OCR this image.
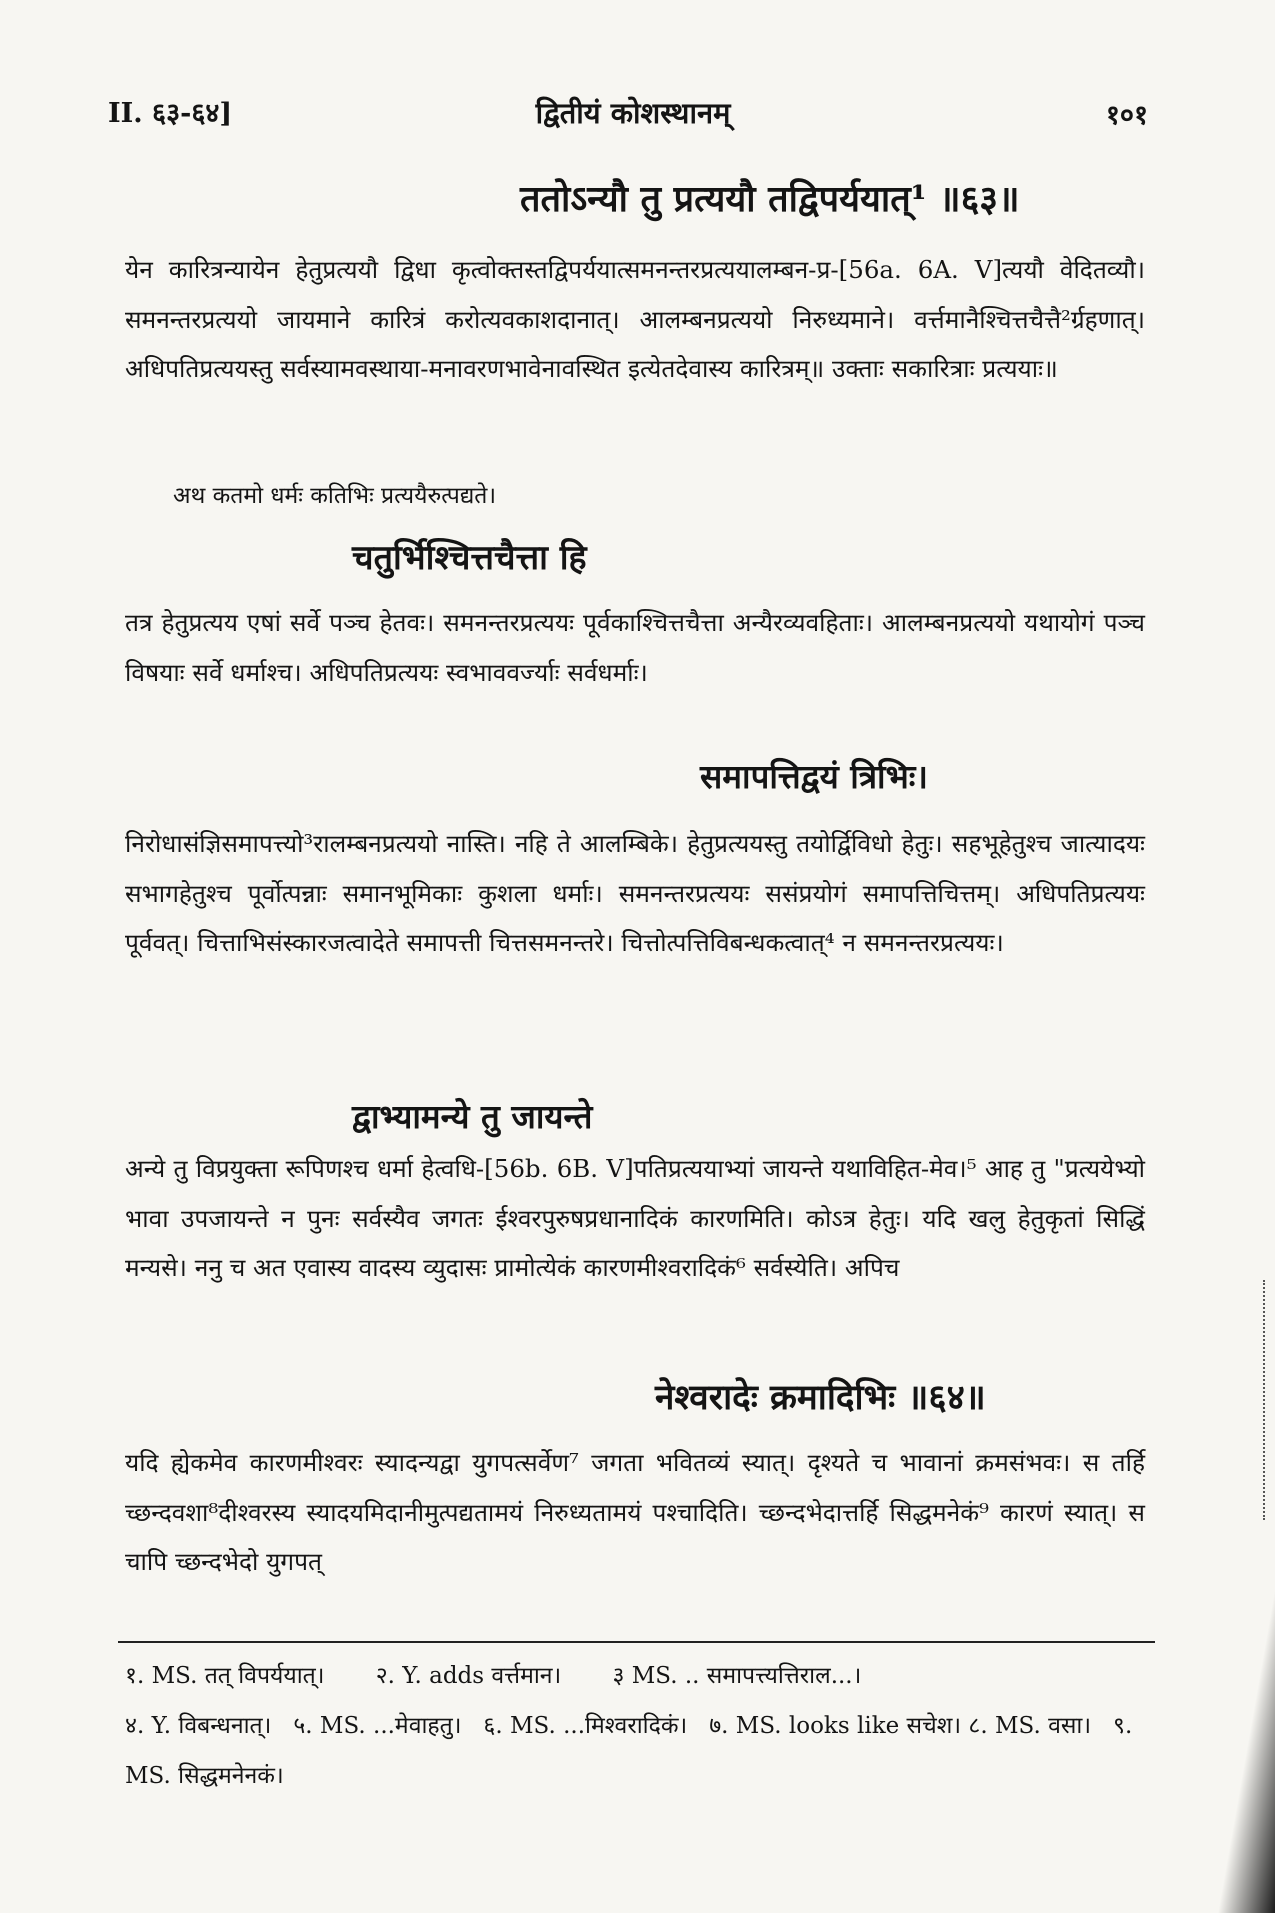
II. ६३-६४]	द्वितीयं कोशस्थानम्	१०१
ततोऽन्यौ तु प्रत्ययौ तद्विपर्ययात्¹ ॥६३॥
येन कारित्रन्यायेन हेतुप्रत्ययौ द्विधा कृत्वोक्तस्तद्विपर्ययात्समनन्तरप्रत्ययालम्बन-प्र-[56a. 6A. V]त्ययौ वेदितव्यौ। समनन्तरप्रत्ययो जायमाने कारित्रं करोत्यवकाशदानात्। आलम्बनप्रत्ययो निरुध्यमाने। वर्त्तमानैश्चित्तचैत्तै²र्ग्रहणात्। अधिपतिप्रत्ययस्तु सर्वस्यामवस्थाया-मनावरणभावेनावस्थित इत्येतदेवास्य कारित्रम्॥ उक्ताः सकारित्राः प्रत्ययाः॥
अथ कतमो धर्मः कतिभिः प्रत्ययैरुत्पद्यते।
चतुर्भिश्चित्तचैत्ता हि
तत्र हेतुप्रत्यय एषां सर्वे पञ्च हेतवः। समनन्तरप्रत्ययः पूर्वकाश्चित्तचैत्ता अन्यैरव्यवहिताः। आलम्बनप्रत्ययो यथायोगं पञ्च विषयाः सर्वे धर्माश्च। अधिपतिप्रत्ययः स्वभाववर्ज्याः सर्वधर्माः।
समापत्तिद्वयं त्रिभिः।
निरोधासंज्ञिसमापत्त्यो³रालम्बनप्रत्ययो नास्ति। नहि ते आलम्बिके। हेतुप्रत्ययस्तु तयोर्द्विविधो हेतुः। सहभूहेतुश्च जात्यादयः सभागहेतुश्च पूर्वोत्पन्नाः समानभूमिकाः कुशला धर्माः। समनन्तरप्रत्ययः ससंप्रयोगं समापत्तिचित्तम्। अधिपतिप्रत्ययः पूर्ववत्। चित्ताभिसंस्कारजत्वादेते समापत्ती चित्तसमनन्तरे। चित्तोत्पत्तिविबन्धकत्वात्⁴ न समनन्तरप्रत्ययः।
द्वाभ्यामन्ये तु जायन्ते
अन्ये तु विप्रयुक्ता रूपिणश्च धर्मा हेत्वधि-[56b. 6B. V]पतिप्रत्ययाभ्यां जायन्ते यथाविहित-मेव।⁵ आह तु "प्रत्ययेभ्यो भावा उपजायन्ते न पुनः सर्वस्यैव जगतः ईश्वरपुरुषप्रधानादिकं कारणमिति। कोऽत्र हेतुः। यदि खलु हेतुकृतां सिद्धिं मन्यसे। ननु च अत एवास्य वादस्य व्युदासः प्रामोत्येकं कारणमीश्वरादिकं⁶ सर्वस्येति। अपिच
नेश्वरादेः क्रमादिभिः ॥६४॥
यदि ह्येकमेव कारणमीश्वरः स्यादन्यद्वा युगपत्सर्वेण⁷ जगता भवितव्यं स्यात्। दृश्यते च भावानां क्रमसंभवः। स तर्हि च्छन्दवशा⁸दीश्वरस्य स्यादयमिदानीमुत्पद्यतामयं निरुध्यतामयं पश्चादिति। च्छन्दभेदात्तर्हि सिद्धमनेकं⁹ कारणं स्यात्। स चापि च्छन्दभेदो युगपत्
१. MS. तत् विपर्ययात्। २. Y. adds वर्त्तमान। ३ MS. .. समापत्त्यत्तिराल...।
४. Y. विबन्धनात्। ५. MS. ...मेवाहतु। ६. MS. ...मिश्वरादिकं। ७. MS. looks like सचेश। ८. MS. वसा। ९. MS. सिद्धमनेनकं।
